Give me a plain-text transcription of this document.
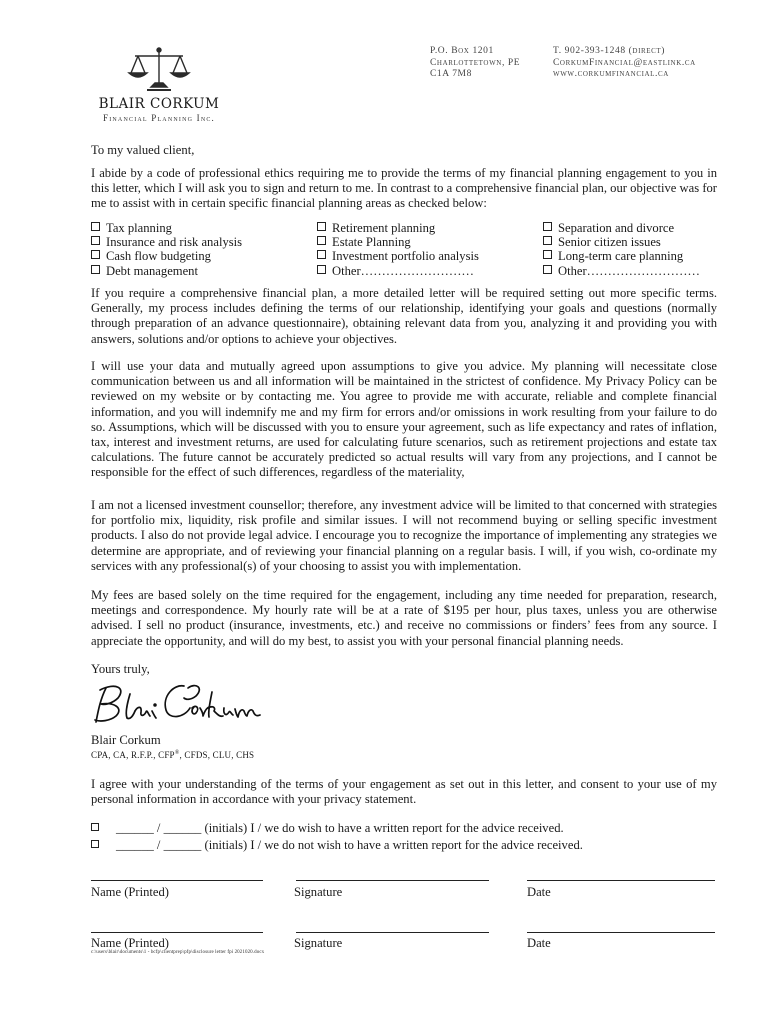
BLAIR CORKUM
Financial Planning Inc.
P.O. Box 1201
Charlottetown, PE
C1A 7M8
T. 902-393-1248 (direct)
CorkumFinancial@eastlink.ca
www.corkumfinancial.ca

To my valued client,

I abide by a code of professional ethics requiring me to provide the terms of my financial planning engagement to you in this letter, which I will ask you to sign and return to me. In contrast to a comprehensive financial plan, our objective was for me to assist with in certain specific financial planning areas as checked below:

Tax planning
Insurance and risk analysis
Cash flow budgeting
Debt management
Retirement planning
Estate Planning
Investment portfolio analysis
Other………………………
Separation and divorce
Senior citizen issues
Long-term care planning
Other………………………

If you require a comprehensive financial plan, a more detailed letter will be required setting out more specific terms. Generally, my process includes defining the terms of our relationship, identifying your goals and questions (normally through preparation of an advance questionnaire), obtaining relevant data from you, analyzing it and providing you with answers, solutions and/or options to achieve your objectives.

I will use your data and mutually agreed upon assumptions to give you advice. My planning will necessitate close communication between us and all information will be maintained in the strictest of confidence. My Privacy Policy can be reviewed on my website or by contacting me. You agree to provide me with accurate, reliable and complete financial information, and you will indemnify me and my firm for errors and/or omissions in work resulting from your failure to do so. Assumptions, which will be discussed with you to ensure your agreement, such as life expectancy and rates of inflation, tax, interest and investment returns, are used for calculating future scenarios, such as retirement projections and estate tax calculations. The future cannot be accurately predicted so actual results will vary from any projections, and I cannot be responsible for the effect of such differences, regardless of the materiality,

I am not a licensed investment counsellor; therefore, any investment advice will be limited to that concerned with strategies for portfolio mix, liquidity, risk profile and similar issues. I will not recommend buying or selling specific investment products. I also do not provide legal advice. I encourage you to recognize the importance of implementing any strategies we determine are appropriate, and of reviewing your financial planning on a regular basis. I will, if you wish, co-ordinate my services with any professional(s) of your choosing to assist you with implementation.

My fees are based solely on the time required for the engagement, including any time needed for preparation, research, meetings and correspondence. My hourly rate will be at a rate of $195 per hour, plus taxes, unless you are otherwise advised. I sell no product (insurance, investments, etc.) and receive no commissions or finders’ fees from any source. I appreciate the opportunity, and will do my best, to assist you with your personal financial planning needs.

Yours truly,

Blair Corkum
CPA, CA, R.F.P., CFP®, CFDS, CLU, CHS

I agree with your understanding of the terms of your engagement as set out in this letter, and consent to your use of my personal information in accordance with your privacy statement.

______ / ______ (initials) I / we do wish to have a written report for the advice received.
______ / ______ (initials) I / we do not wish to have a written report for the advice received.
Name (Printed)	Signature	Date
Name (Printed)	Signature	Date
c:\users\blair\documents\1 - bcfp\clientprep\pfp\disclosure letter fpi 2021020.docx
